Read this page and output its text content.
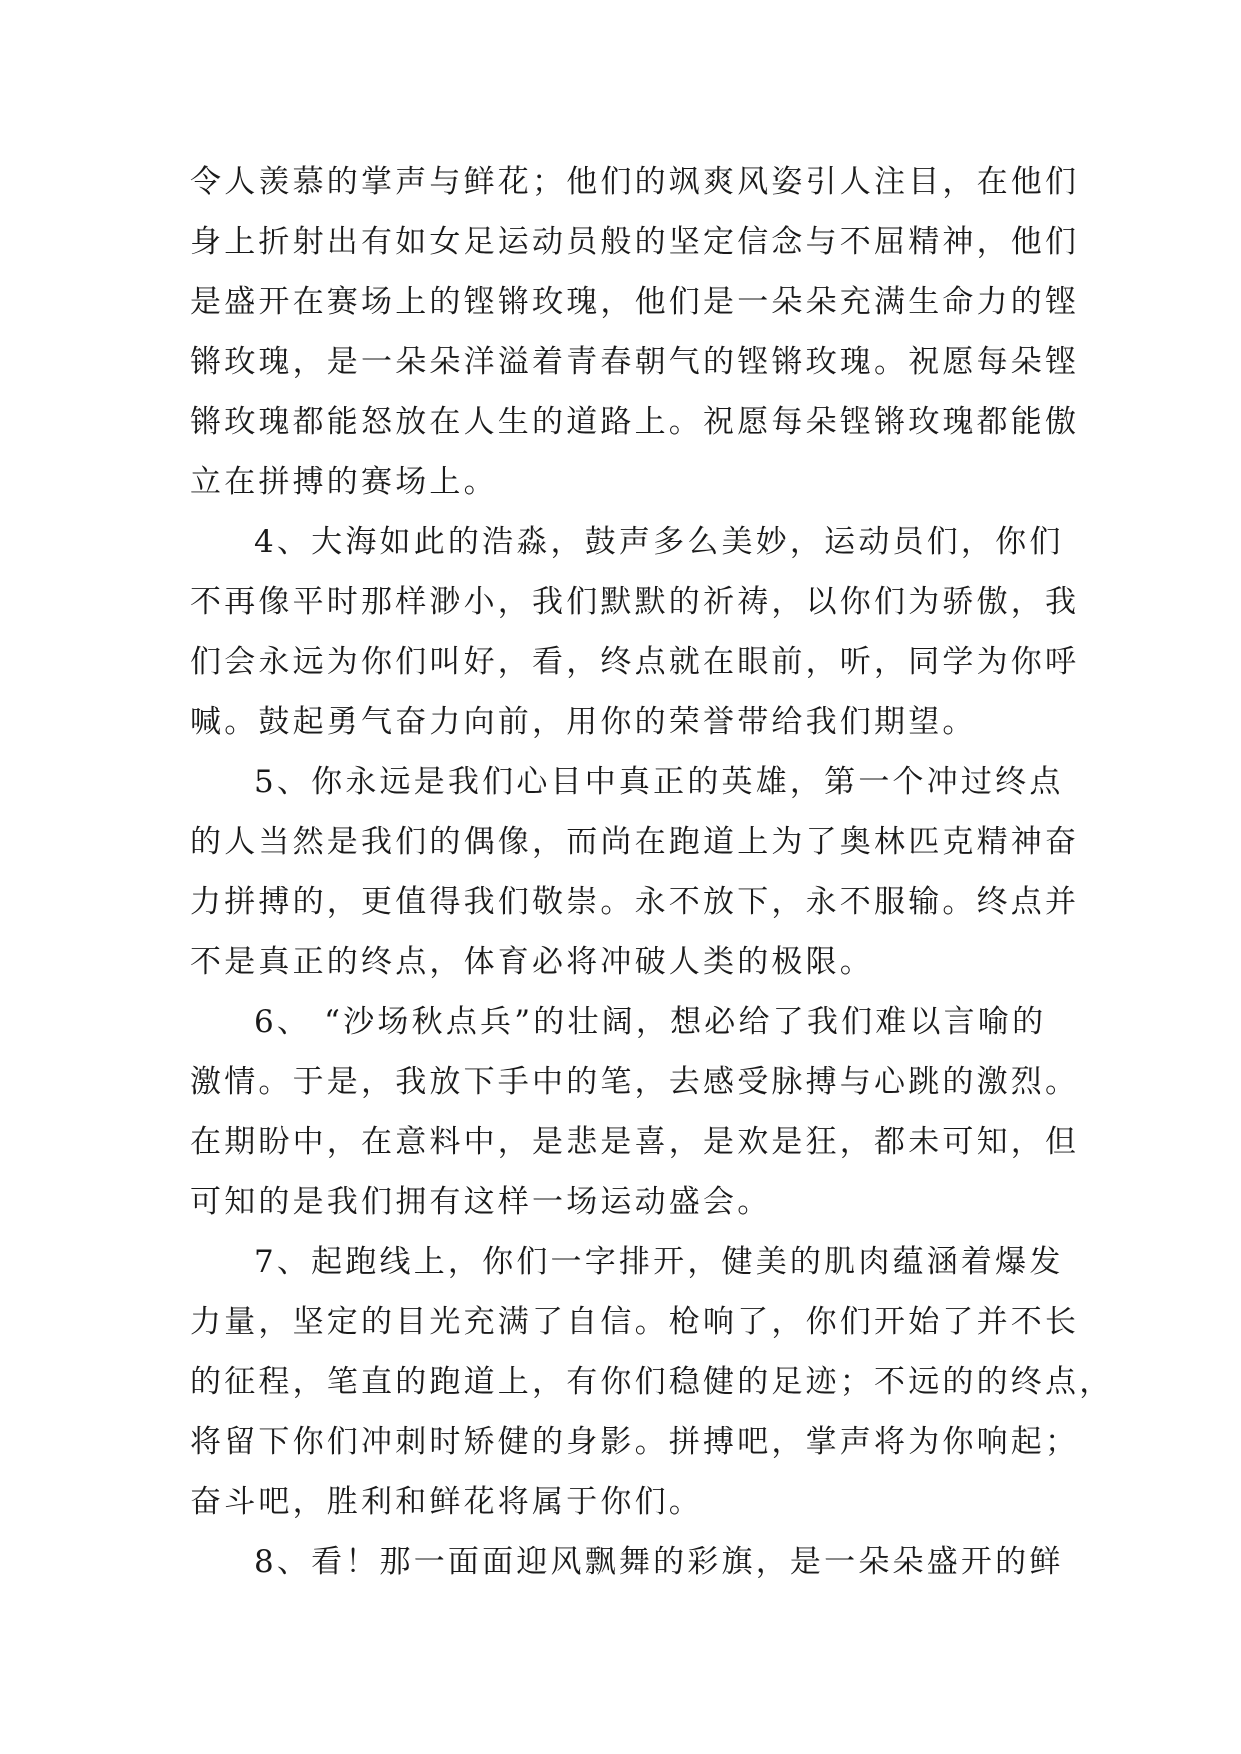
令人羡慕的掌声与鲜花；他们的飒爽风姿引人注目，在他们
身上折射出有如女足运动员般的坚定信念与不屈精神，他们
是盛开在赛场上的铿锵玫瑰，他们是一朵朵充满生命力的铿
锵玫瑰，是一朵朵洋溢着青春朝气的铿锵玫瑰。祝愿每朵铿
锵玫瑰都能怒放在人生的道路上。祝愿每朵铿锵玫瑰都能傲
立在拼搏的赛场上。
4、大海如此的浩淼，鼓声多么美妙，运动员们，你们
不再像平时那样渺小，我们默默的祈祷，以你们为骄傲，我
们会永远为你们叫好，看，终点就在眼前，听，同学为你呼
喊。鼓起勇气奋力向前，用你的荣誉带给我们期望。
5、你永远是我们心目中真正的英雄，第一个冲过终点
的人当然是我们的偶像，而尚在跑道上为了奥林匹克精神奋
力拼搏的，更值得我们敬崇。永不放下，永不服输。终点并
不是真正的终点，体育必将冲破人类的极限。
6、 “沙场秋点兵”的壮阔，想必给了我们难以言喻的
激情。于是，我放下手中的笔，去感受脉搏与心跳的激烈。
在期盼中，在意料中，是悲是喜，是欢是狂，都未可知，但
可知的是我们拥有这样一场运动盛会。
7、起跑线上，你们一字排开，健美的肌肉蕴涵着爆发
力量，坚定的目光充满了自信。枪响了，你们开始了并不长
的征程，笔直的跑道上，有你们稳健的足迹；不远的的终点，
将留下你们冲刺时矫健的身影。拼搏吧，掌声将为你响起；
奋斗吧，胜利和鲜花将属于你们。
8、看！那一面面迎风飘舞的彩旗，是一朵朵盛开的鲜
